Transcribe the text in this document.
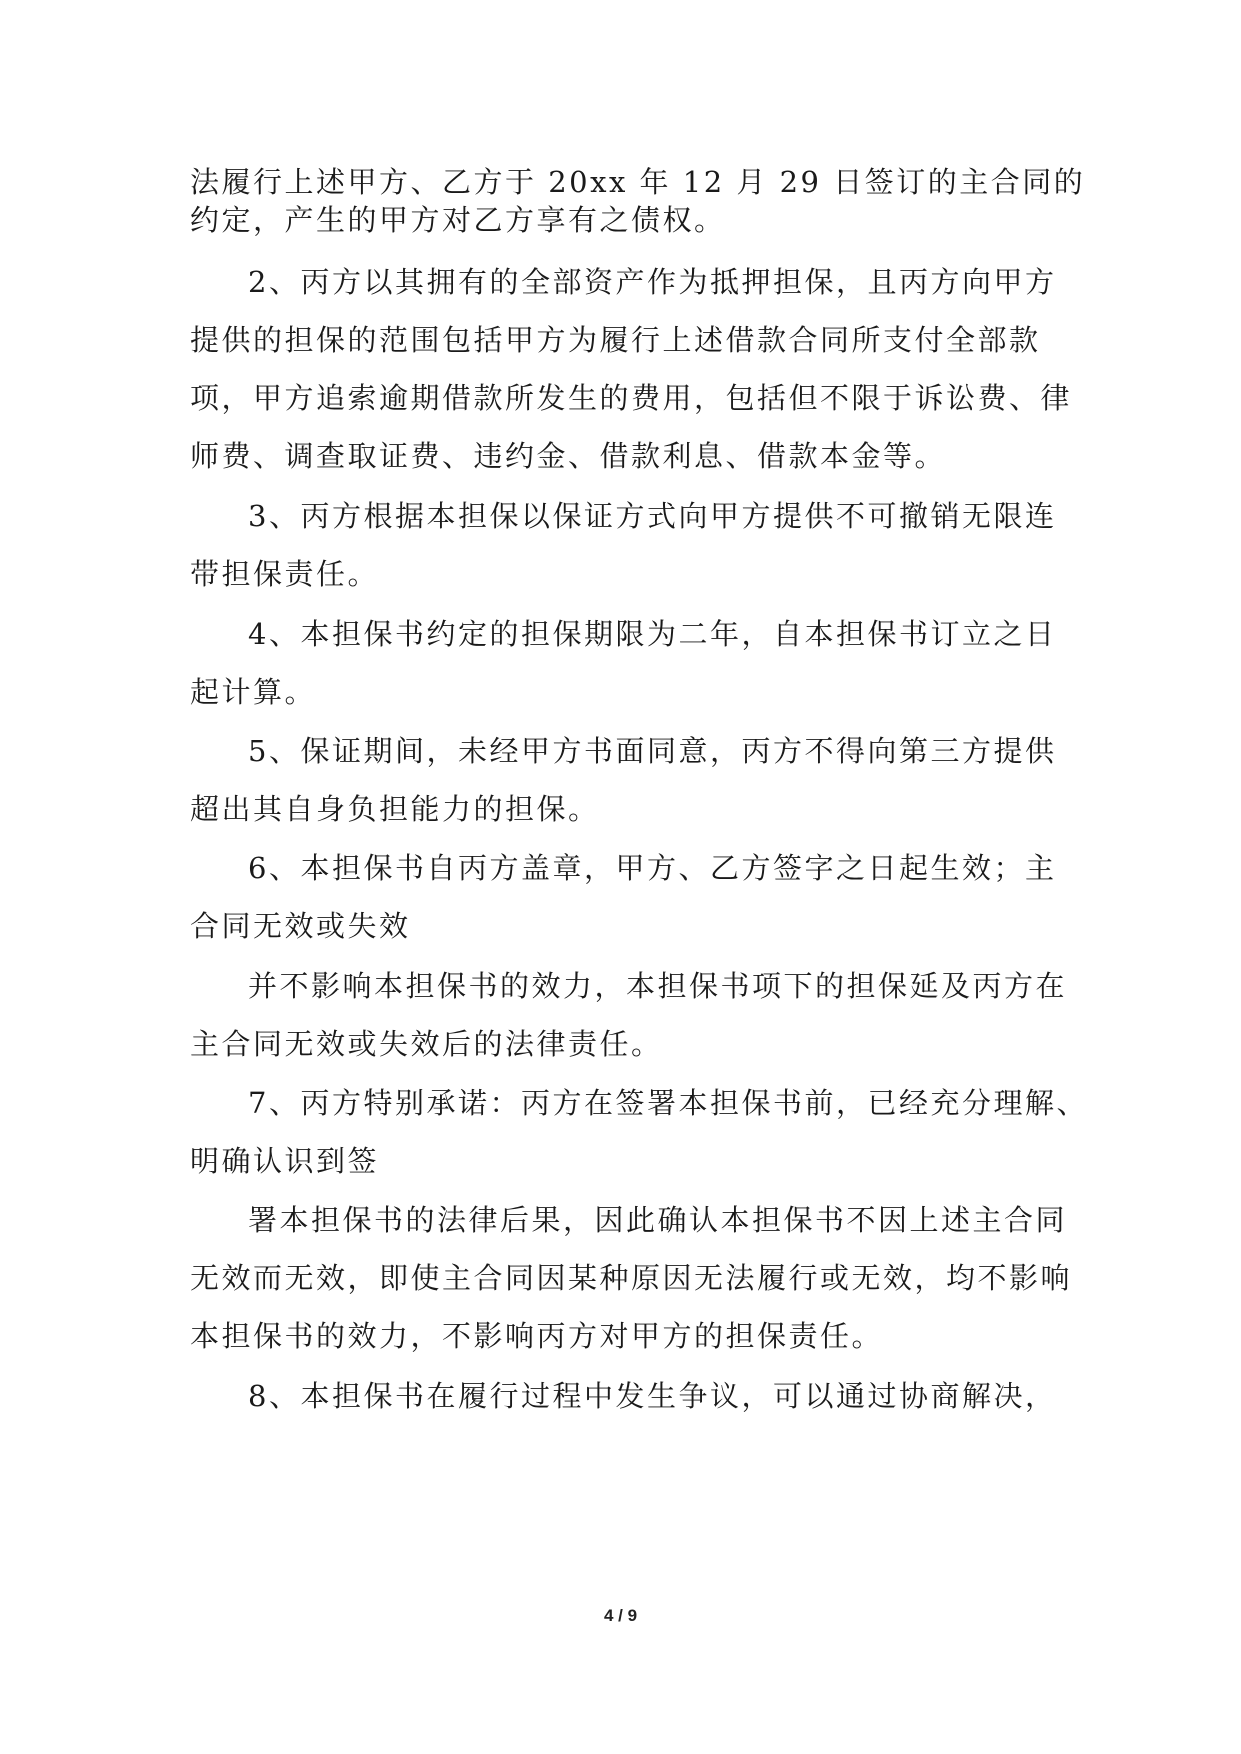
法履行上述甲方、乙方于 20xx 年 12 月 29 日签订的主合同的

约定，产生的甲方对乙方享有之债权。

2、丙方以其拥有的全部资产作为抵押担保，且丙方向甲方

提供的担保的范围包括甲方为履行上述借款合同所支付全部款

项，甲方追索逾期借款所发生的费用，包括但不限于诉讼费、律

师费、调查取证费、违约金、借款利息、借款本金等。

3、丙方根据本担保以保证方式向甲方提供不可撤销无限连

带担保责任。

4、本担保书约定的担保期限为二年，自本担保书订立之日

起计算。

5、保证期间，未经甲方书面同意，丙方不得向第三方提供

超出其自身负担能力的担保。

6、本担保书自丙方盖章，甲方、乙方签字之日起生效；主

合同无效或失效

并不影响本担保书的效力，本担保书项下的担保延及丙方在

主合同无效或失效后的法律责任。

7、丙方特别承诺：丙方在签署本担保书前，已经充分理解、

明确认识到签

署本担保书的法律后果，因此确认本担保书不因上述主合同

无效而无效，即使主合同因某种原因无法履行或无效，均不影响

本担保书的效力，不影响丙方对甲方的担保责任。

8、本担保书在履行过程中发生争议，可以通过协商解决，

4 / 9
